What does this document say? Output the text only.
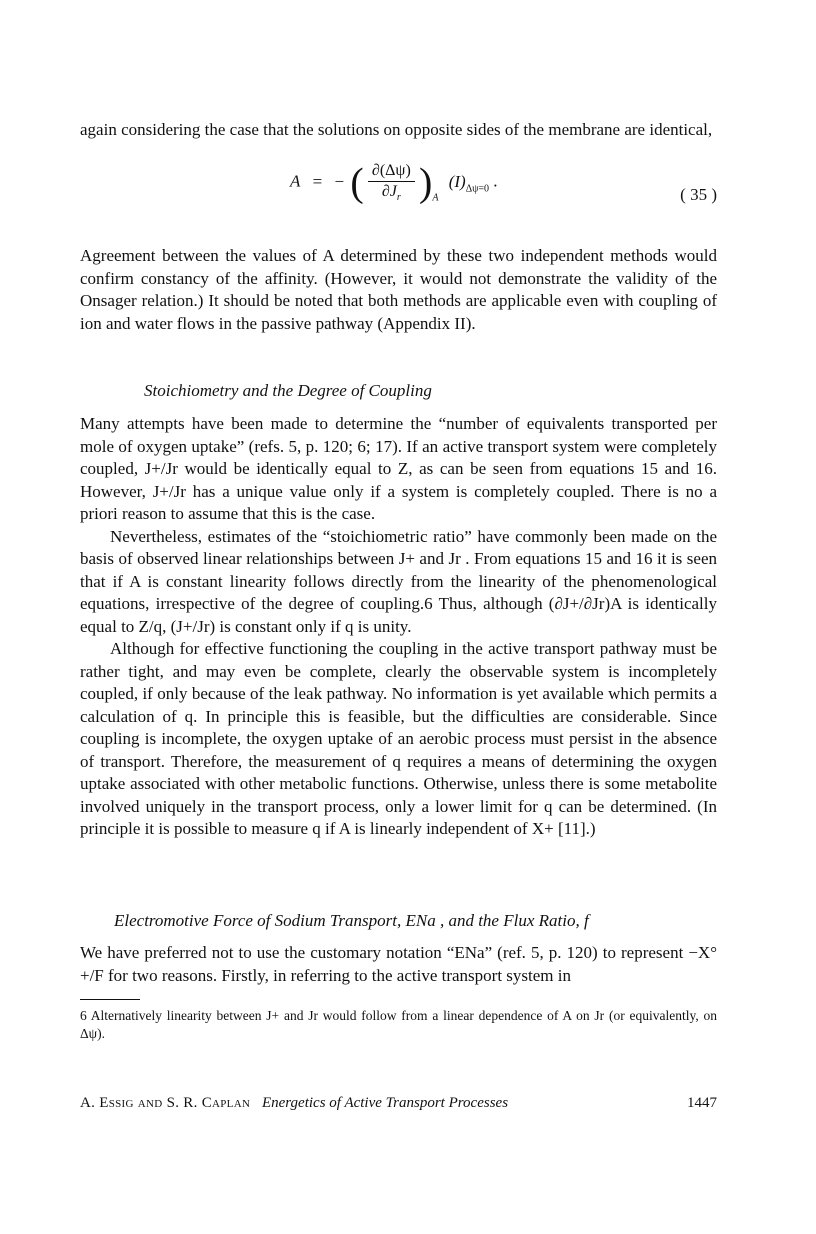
again considering the case that the solutions on opposite sides of the membrane are identical,

A = − ( $\frac{\partial(\Delta\psi)}{\partial J_r} )_A$ $(I)_{\Delta\psi=0}$ .
( 35 )

Agreement between the values of A determined by these two independent methods would confirm constancy of the affinity. (However, it would not demonstrate the validity of the Onsager relation.) It should be noted that both methods are applicable even with coupling of ion and water flows in the passive pathway (Appendix II).

Stoichiometry and the Degree of Coupling

Many attempts have been made to determine the “number of equivalents transported per mole of oxygen uptake” (refs. 5, p. 120; 6; 17). If an active transport system were completely coupled, J+/Jr would be identically equal to Z, as can be seen from equations 15 and 16. However, J+/Jr has a unique value only if a system is completely coupled. There is no a priori reason to assume that this is the case.

Nevertheless, estimates of the “stoichiometric ratio” have commonly been made on the basis of observed linear relationships between J+ and Jr . From equations 15 and 16 it is seen that if A is constant linearity follows directly from the linearity of the phenomenological equations, irrespective of the degree of coupling.6 Thus, although (∂J+/∂Jr)A is identically equal to Z/q, (J+/Jr) is constant only if q is unity.

Although for effective functioning the coupling in the active transport pathway must be rather tight, and may even be complete, clearly the observable system is incompletely coupled, if only because of the leak pathway. No information is yet available which permits a calculation of q. In principle this is feasible, but the difficulties are considerable. Since coupling is incomplete, the oxygen uptake of an aerobic process must persist in the absence of transport. Therefore, the measurement of q requires a means of determining the oxygen uptake associated with other metabolic functions. Otherwise, unless there is some metabolite involved uniquely in the transport process, only a lower limit for q can be determined. (In principle it is possible to measure q if A is linearly independent of X+ [11].)

Electromotive Force of Sodium Transport, ENa , and the Flux Ratio, f

We have preferred not to use the customary notation “ENa” (ref. 5, p. 120) to represent −X°+/F for two reasons. Firstly, in referring to the active transport system in

6 Alternatively linearity between J+ and Jr would follow from a linear dependence of A on Jr (or equivalently, on Δψ).
A. Essig and S. R. Caplan Energetics of Active Transport Processes	1447
